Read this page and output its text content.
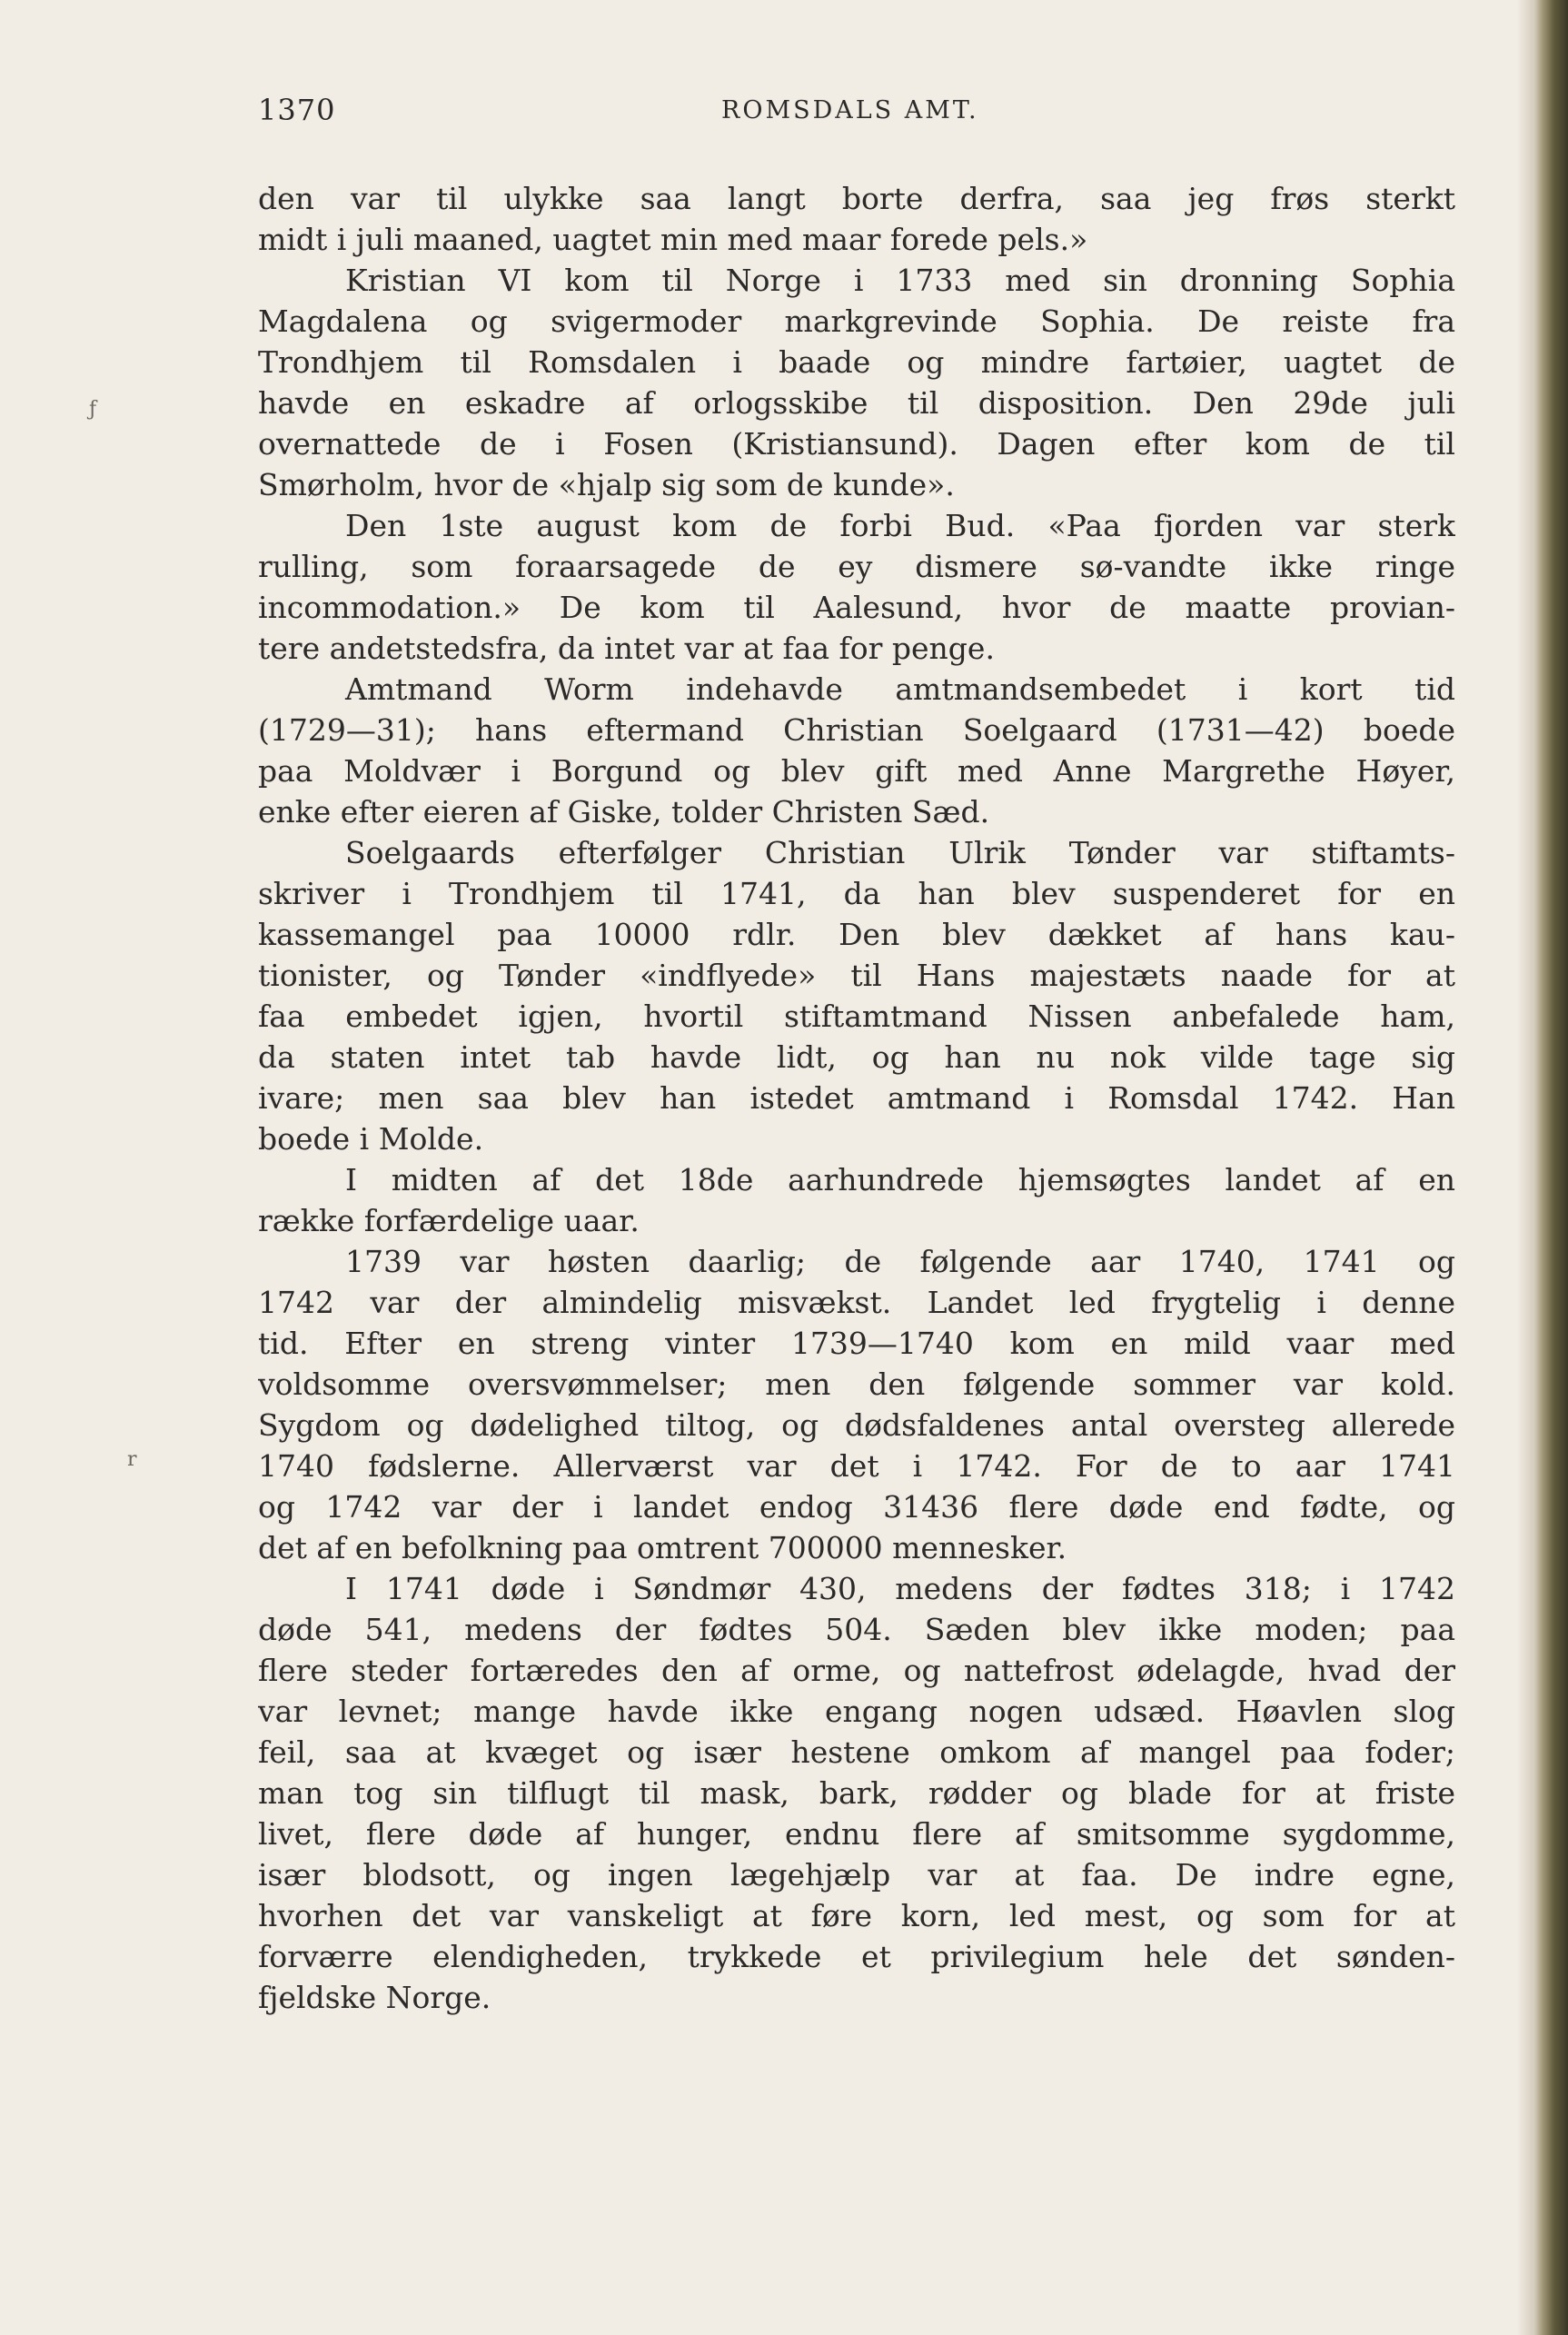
ƒ
r
1370	ROMSDALS AMT.
den var til ulykke saa langt borte derfra, saa jeg frøs sterkt
midt i juli maaned, uagtet min med maar forede pels.»
Kristian VI kom til Norge i 1733 med sin dronning Sophia
Magdalena og svigermoder markgrevinde Sophia. De reiste fra
Trondhjem til Romsdalen i baade og mindre fartøier, uagtet de
havde en eskadre af orlogsskibe til disposition. Den 29de juli
overnattede de i Fosen (Kristiansund). Dagen efter kom de til
Smørholm, hvor de «hjalp sig som de kunde».
Den 1ste august kom de forbi Bud. «Paa fjorden var sterk
rulling, som foraarsagede de ey dismere sø-vandte ikke ringe
incommodation.» De kom til Aalesund, hvor de maatte provian-
tere andetstedsfra, da intet var at faa for penge.
Amtmand Worm indehavde amtmandsembedet i kort tid
(1729—31); hans eftermand Christian Soelgaard (1731—42) boede
paa Moldvær i Borgund og blev gift med Anne Margrethe Høyer,
enke efter eieren af Giske, tolder Christen Sæd.
Soelgaards efterfølger Christian Ulrik Tønder var stiftamts-
skriver i Trondhjem til 1741, da han blev suspenderet for en
kassemangel paa 10000 rdlr. Den blev dækket af hans kau-
tionister, og Tønder «indflyede» til Hans majestæts naade for at
faa embedet igjen, hvortil stiftamtmand Nissen anbefalede ham,
da staten intet tab havde lidt, og han nu nok vilde tage sig
ivare; men saa blev han istedet amtmand i Romsdal 1742. Han
boede i Molde.
I midten af det 18de aarhundrede hjemsøgtes landet af en
række forfærdelige uaar.
1739 var høsten daarlig; de følgende aar 1740, 1741 og
1742 var der almindelig misvækst. Landet led frygtelig i denne
tid. Efter en streng vinter 1739—1740 kom en mild vaar med
voldsomme oversvømmelser; men den følgende sommer var kold.
Sygdom og dødelighed tiltog, og dødsfaldenes antal oversteg allerede
1740 fødslerne. Allerværst var det i 1742. For de to aar 1741
og 1742 var der i landet endog 31436 flere døde end fødte, og
det af en befolkning paa omtrent 700000 mennesker.
I 1741 døde i Søndmør 430, medens der fødtes 318; i 1742
døde 541, medens der fødtes 504. Sæden blev ikke moden; paa
flere steder fortæredes den af orme, og nattefrost ødelagde, hvad der
var levnet; mange havde ikke engang nogen udsæd. Høavlen slog
feil, saa at kvæget og især hestene omkom af mangel paa foder;
man tog sin tilflugt til mask, bark, rødder og blade for at friste
livet, flere døde af hunger, endnu flere af smitsomme sygdomme,
især blodsott, og ingen lægehjælp var at faa. De indre egne,
hvorhen det var vanskeligt at føre korn, led mest, og som for at
forværre elendigheden, trykkede et privilegium hele det sønden-
fjeldske Norge.
